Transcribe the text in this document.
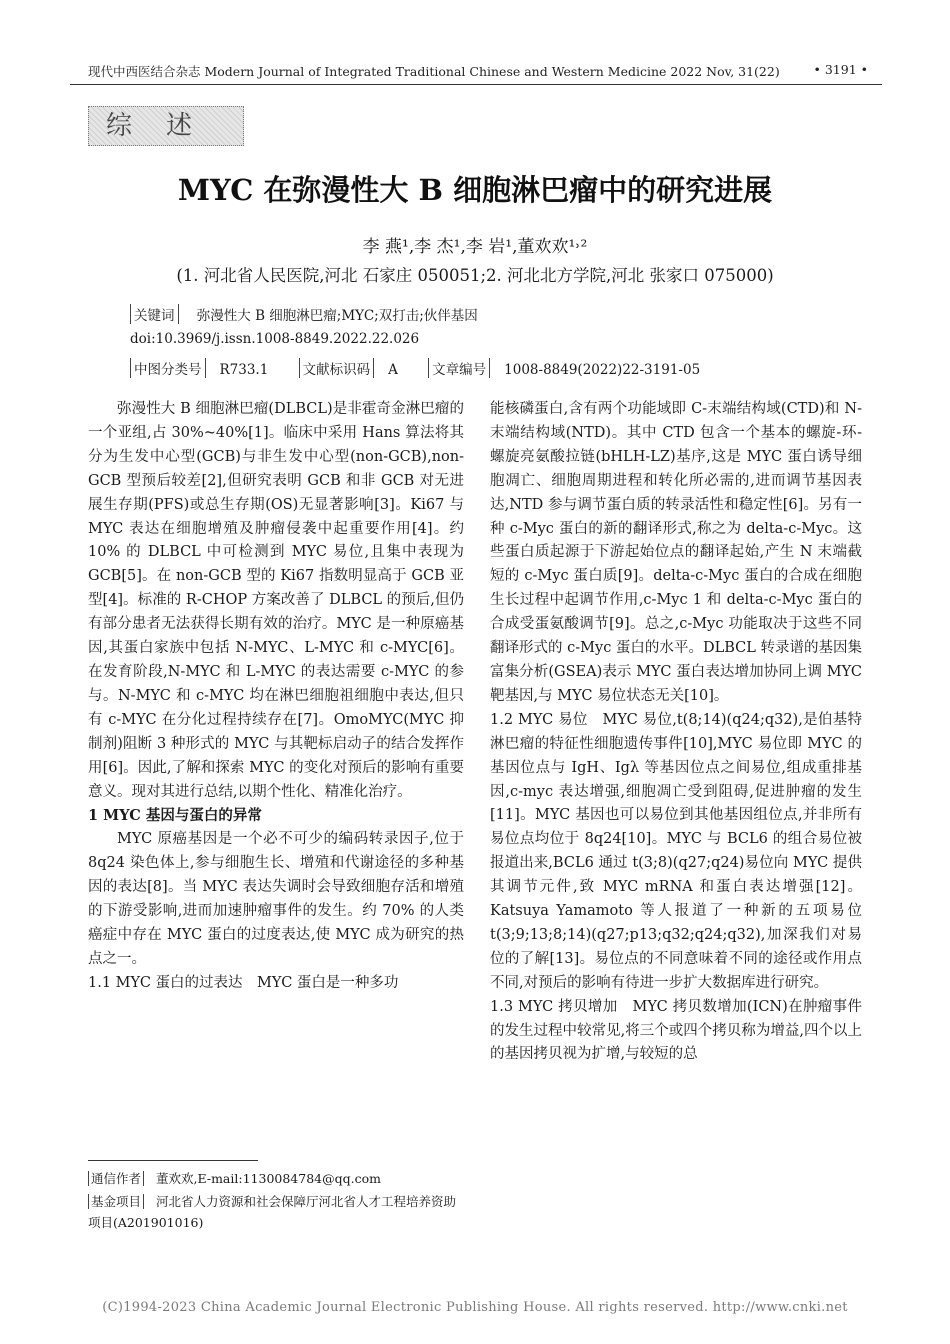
现代中西医结合杂志 Modern Journal of Integrated Traditional Chinese and Western Medicine 2022 Nov, 31(22)	• 3191 •
综述
MYC 在弥漫性大 B 细胞淋巴瘤中的研究进展
李 燕¹,李 杰¹,李 岩¹,董欢欢¹˒²
(1. 河北省人民医院,河北 石家庄 050051;2. 河北北方学院,河北 张家口 075000)
关键词 弥漫性大 B 细胞淋巴瘤;MYC;双打击;伙伴基因
doi:10.3969/j.issn.1008-8849.2022.22.026
中图分类号 R733.1	文献标识码 A	文章编号 1008-8849(2022)22-3191-05

弥漫性大 B 细胞淋巴瘤(DLBCL)是非霍奇金淋巴瘤的一个亚组,占 30%~40%[1]。临床中采用 Hans 算法将其分为生发中心型(GCB)与非生发中心型(non-GCB),non-GCB 型预后较差[2],但研究表明 GCB 和非 GCB 对无进展生存期(PFS)或总生存期(OS)无显著影响[3]。Ki67 与 MYC 表达在细胞增殖及肿瘤侵袭中起重要作用[4]。约 10% 的 DLBCL 中可检测到 MYC 易位,且集中表现为 GCB[5]。在 non-GCB 型的 Ki67 指数明显高于 GCB 亚型[4]。标准的 R-CHOP 方案改善了 DLBCL 的预后,但仍有部分患者无法获得长期有效的治疗。MYC 是一种原癌基因,其蛋白家族中包括 N-MYC、L-MYC 和 c-MYC[6]。在发育阶段,N-MYC 和 L-MYC 的表达需要 c-MYC 的参与。N-MYC 和 c-MYC 均在淋巴细胞祖细胞中表达,但只有 c-MYC 在分化过程持续存在[7]。OmoMYC(MYC 抑制剂)阻断 3 种形式的 MYC 与其靶标启动子的结合发挥作用[6]。因此,了解和探索 MYC 的变化对预后的影响有重要意义。现对其进行总结,以期个性化、精准化治疗。

1 MYC 基因与蛋白的异常

MYC 原癌基因是一个必不可少的编码转录因子,位于 8q24 染色体上,参与细胞生长、增殖和代谢途径的多种基因的表达[8]。当 MYC 表达失调时会导致细胞存活和增殖的下游受影响,进而加速肿瘤事件的发生。约 70% 的人类癌症中存在 MYC 蛋白的过度表达,使 MYC 成为研究的热点之一。

1.1 MYC 蛋白的过表达　MYC 蛋白是一种多功

能核磷蛋白,含有两个功能域即 C-末端结构域(CTD)和 N-末端结构域(NTD)。其中 CTD 包含一个基本的螺旋-环-螺旋亮氨酸拉链(bHLH-LZ)基序,这是 MYC 蛋白诱导细胞凋亡、细胞周期进程和转化所必需的,进而调节基因表达,NTD 参与调节蛋白质的转录活性和稳定性[6]。另有一种 c-Myc 蛋白的新的翻译形式,称之为 delta-c-Myc。这些蛋白质起源于下游起始位点的翻译起始,产生 N 末端截短的 c-Myc 蛋白质[9]。delta-c-Myc 蛋白的合成在细胞生长过程中起调节作用,c-Myc 1 和 delta-c-Myc 蛋白的合成受蛋氨酸调节[9]。总之,c-Myc 功能取决于这些不同翻译形式的 c-Myc 蛋白的水平。DLBCL 转录谱的基因集富集分析(GSEA)表示 MYC 蛋白表达增加协同上调 MYC 靶基因,与 MYC 易位状态无关[10]。

1.2 MYC 易位　MYC 易位,t(8;14)(q24;q32),是伯基特淋巴瘤的特征性细胞遗传事件[10],MYC 易位即 MYC 的基因位点与 IgH、Igλ 等基因位点之间易位,组成重排基因,c-myc 表达增强,细胞凋亡受到阻碍,促进肿瘤的发生[11]。MYC 基因也可以易位到其他基因组位点,并非所有易位点均位于 8q24[10]。MYC 与 BCL6 的组合易位被报道出来,BCL6 通过 t(3;8)(q27;q24)易位向 MYC 提供其调节元件,致 MYC mRNA 和蛋白表达增强[12]。Katsuya Yamamoto 等人报道了一种新的五项易位 t(3;9;13;8;14)(q27;p13;q32;q24;q32),加深我们对易位的了解[13]。易位点的不同意味着不同的途径或作用点不同,对预后的影响有待进一步扩大数据库进行研究。

1.3 MYC 拷贝增加　MYC 拷贝数增加(ICN)在肿瘤事件的发生过程中较常见,将三个或四个拷贝称为增益,四个以上的基因拷贝视为扩增,与较短的总

通信作者 董欢欢,E-mail:1130084784@qq.com
基金项目 河北省人力资源和社会保障厅河北省人才工程培养资助项目(A201901016)
(C)1994-2023 China Academic Journal Electronic Publishing House. All rights reserved. http://www.cnki.net
